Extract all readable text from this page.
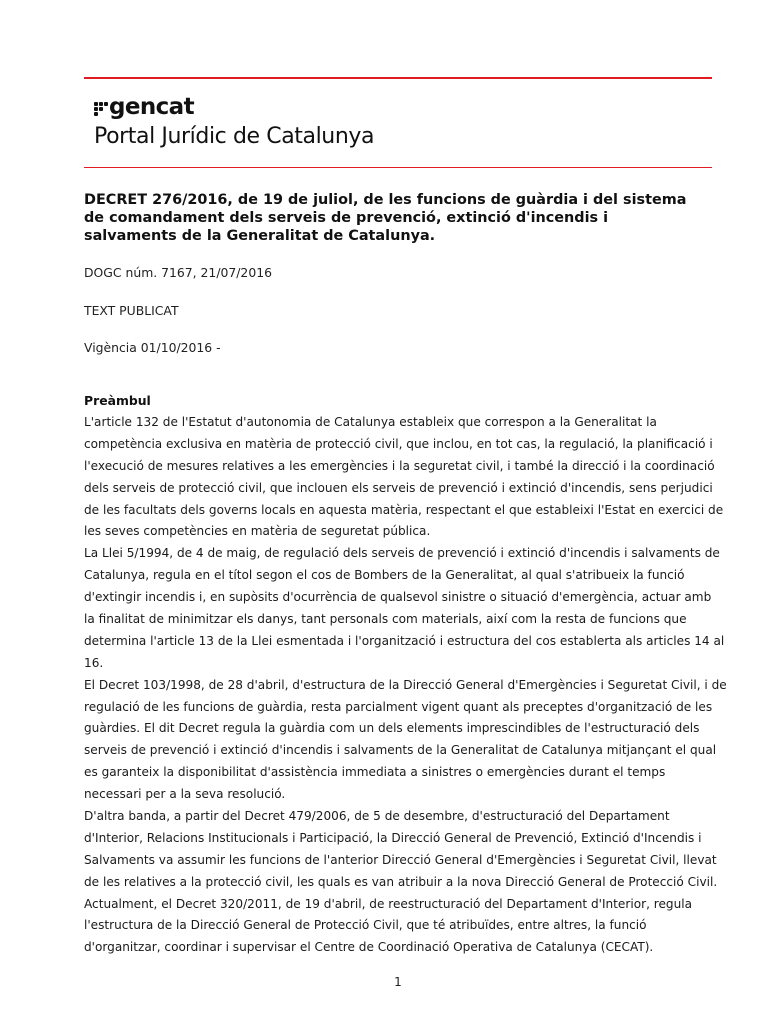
gencat
Portal Jurídic de Catalunya
DECRET 276/2016, de 19 de juliol, de les funcions de guàrdia i del sistema de comandament dels serveis de prevenció, extinció d'incendis i salvaments de la Generalitat de Catalunya.
DOGC núm. 7167, 21/07/2016
TEXT PUBLICAT
Vigència 01/10/2016 -
Preàmbul
L'article 132 de l'Estatut d'autonomia de Catalunya estableix que correspon a la Generalitat la
competència exclusiva en matèria de protecció civil, que inclou, en tot cas, la regulació, la planificació i
l'execució de mesures relatives a les emergències i la seguretat civil, i també la direcció i la coordinació
dels serveis de protecció civil, que inclouen els serveis de prevenció i extinció d'incendis, sens perjudici
de les facultats dels governs locals en aquesta matèria, respectant el que estableixi l'Estat en exercici de
les seves competències en matèria de seguretat pública.
La Llei 5/1994, de 4 de maig, de regulació dels serveis de prevenció i extinció d'incendis i salvaments de
Catalunya, regula en el títol segon el cos de Bombers de la Generalitat, al qual s'atribueix la funció
d'extingir incendis i, en supòsits d'ocurrència de qualsevol sinistre o situació d'emergència, actuar amb
la finalitat de minimitzar els danys, tant personals com materials, així com la resta de funcions que
determina l'article 13 de la Llei esmentada i l'organització i estructura del cos establerta als articles 14 al
16.
El Decret 103/1998, de 28 d'abril, d'estructura de la Direcció General d'Emergències i Seguretat Civil, i de
regulació de les funcions de guàrdia, resta parcialment vigent quant als preceptes d'organització de les
guàrdies. El dit Decret regula la guàrdia com un dels elements imprescindibles de l'estructuració dels
serveis de prevenció i extinció d'incendis i salvaments de la Generalitat de Catalunya mitjançant el qual
es garanteix la disponibilitat d'assistència immediata a sinistres o emergències durant el temps
necessari per a la seva resolució.
D'altra banda, a partir del Decret 479/2006, de 5 de desembre, d'estructuració del Departament
d'Interior, Relacions Institucionals i Participació, la Direcció General de Prevenció, Extinció d'Incendis i
Salvaments va assumir les funcions de l'anterior Direcció General d'Emergències i Seguretat Civil, llevat
de les relatives a la protecció civil, les quals es van atribuir a la nova Direcció General de Protecció Civil.
Actualment, el Decret 320/2011, de 19 d'abril, de reestructuració del Departament d'Interior, regula
l'estructura de la Direcció General de Protecció Civil, que té atribuïdes, entre altres, la funció
d'organitzar, coordinar i supervisar el Centre de Coordinació Operativa de Catalunya (CECAT).
1
